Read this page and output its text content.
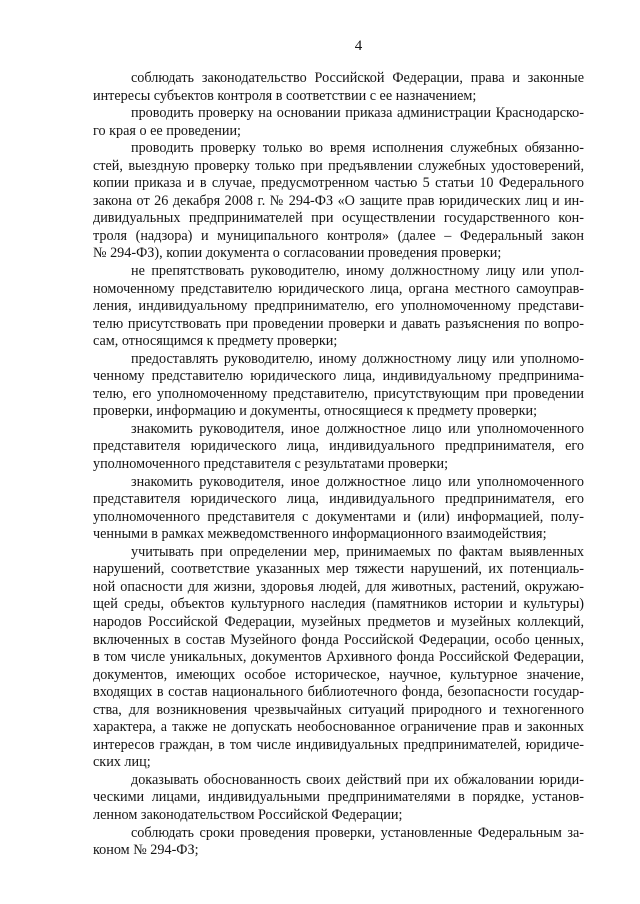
4
соблюдать законодательство Российской Федерации, права и законные
интересы субъектов контроля в соответствии с ее назначением;
проводить проверку на основании приказа администрации Краснодарско-
го края о ее проведении;
проводить проверку только во время исполнения служебных обязанно-
стей, выездную проверку только при предъявлении служебных удостоверений,
копии приказа и в случае, предусмотренном частью 5 статьи 10 Федерального
закона от 26 декабря 2008 г. № 294-ФЗ «О защите прав юридических лиц и ин-
дивидуальных предпринимателей при осуществлении государственного кон-
троля (надзора) и муниципального контроля» (далее – Федеральный закон
№ 294-ФЗ), копии документа о согласовании проведения проверки;
не препятствовать руководителю, иному должностному лицу или упол-
номоченному представителю юридического лица, органа местного самоуправ-
ления, индивидуальному предпринимателю, его уполномоченному представи-
телю присутствовать при проведении проверки и давать разъяснения по вопро-
сам, относящимся к предмету проверки;
предоставлять руководителю, иному должностному лицу или уполномо-
ченному представителю юридического лица, индивидуальному предпринима-
телю, его уполномоченному представителю, присутствующим при проведении
проверки, информацию и документы, относящиеся к предмету проверки;
знакомить руководителя, иное должностное лицо или уполномоченного
представителя юридического лица, индивидуального предпринимателя, его
уполномоченного представителя с результатами проверки;
знакомить руководителя, иное должностное лицо или уполномоченного
представителя юридического лица, индивидуального предпринимателя, его
уполномоченного представителя с документами и (или) информацией, полу-
ченными в рамках межведомственного информационного взаимодействия;
учитывать при определении мер, принимаемых по фактам выявленных
нарушений, соответствие указанных мер тяжести нарушений, их потенциаль-
ной опасности для жизни, здоровья людей, для животных, растений, окружаю-
щей среды, объектов культурного наследия (памятников истории и культуры)
народов Российской Федерации, музейных предметов и музейных коллекций,
включенных в состав Музейного фонда Российской Федерации, особо ценных,
в том числе уникальных, документов Архивного фонда Российской Федерации,
документов, имеющих особое историческое, научное, культурное значение,
входящих в состав национального библиотечного фонда, безопасности государ-
ства, для возникновения чрезвычайных ситуаций природного и техногенного
характера, а также не допускать необоснованное ограничение прав и законных
интересов граждан, в том числе индивидуальных предпринимателей, юридиче-
ских лиц;
доказывать обоснованность своих действий при их обжаловании юриди-
ческими лицами, индивидуальными предпринимателями в порядке, установ-
ленном законодательством Российской Федерации;
соблюдать сроки проведения проверки, установленные Федеральным за-
коном № 294-ФЗ;
